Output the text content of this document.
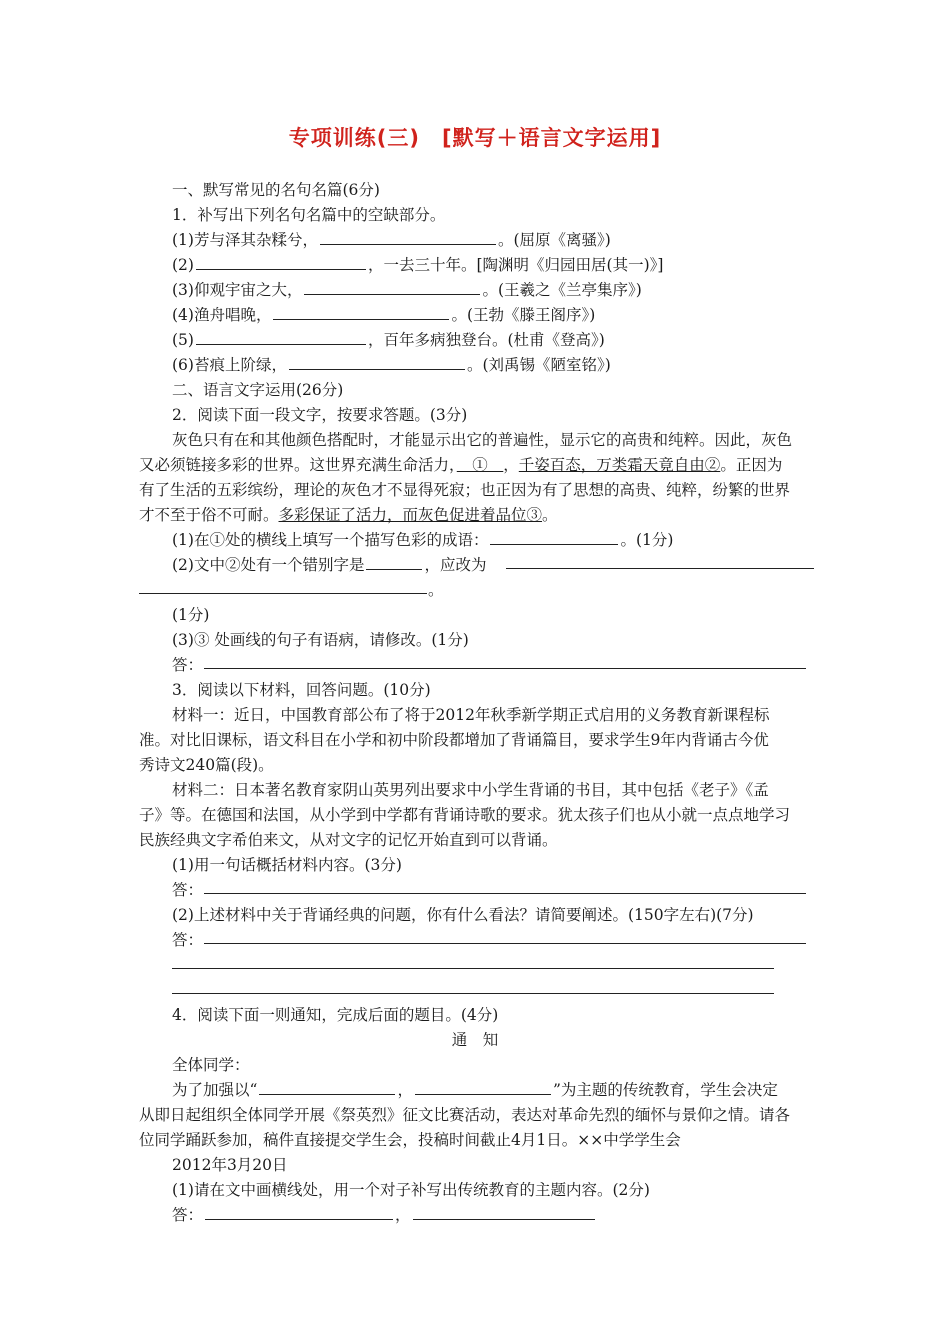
专项训练(三)　[默写＋语言文字运用]
一、默写常见的名句名篇(6分)
1．补写出下列名句名篇中的空缺部分。
(1)芳与泽其杂糅兮，	。(屈原《离骚》)
(2)	，一去三十年。[陶渊明《归园田居(其一)》]
(3)仰观宇宙之大，	。(王羲之《兰亭集序》)
(4)渔舟唱晚，	。(王勃《滕王阁序》)
(5)	，百年多病独登台。(杜甫《登高》)
(6)苔痕上阶绿，	。(刘禹锡《陋室铭》)
二、语言文字运用(26分)
2．阅读下面一段文字，按要求答题。(3分)
灰色只有在和其他颜色搭配时，才能显示出它的普遍性，显示它的高贵和纯粹。因此，灰色
又必须链接多彩的世界。这世界充满生命活力，　①　，千姿百态，万类霜天竟自由②。正因为
有了生活的五彩缤纷，理论的灰色才不显得死寂；也正因为有了思想的高贵、纯粹，纷繁的世界
才不至于俗不可耐。多彩保证了活力，而灰色促进着品位③。
(1)在①处的横线上填写一个描写色彩的成语：	。(1分)
(2)文中②处有一个错别字是	，应改为
。
(1分)
(3)③ 处画线的句子有语病，请修改。(1分)
答：
3．阅读以下材料，回答问题。(10分)
材料一：近日，中国教育部公布了将于2012年秋季新学期正式启用的义务教育新课程标
准。对比旧课标，语文科目在小学和初中阶段都增加了背诵篇目，要求学生9年内背诵古今优
秀诗文240篇(段)。
材料二：日本著名教育家阴山英男列出要求中小学生背诵的书目，其中包括《老子》《孟
子》等。在德国和法国，从小学到中学都有背诵诗歌的要求。犹太孩子们也从小就一点点地学习
民族经典文字希伯来文，从对文字的记忆开始直到可以背诵。
(1)用一句话概括材料内容。(3分)
答：
(2)上述材料中关于背诵经典的问题，你有什么看法？请简要阐述。(150字左右)(7分)
答：
4．阅读下面一则通知，完成后面的题目。(4分)
通　知
全体同学：
为了加强以“	，	”为主题的传统教育，学生会决定
从即日起组织全体同学开展《祭英烈》征文比赛活动，表达对革命先烈的缅怀与景仰之情。请各
位同学踊跃参加，稿件直接提交学生会，投稿时间截止4月1日。××中学学生会
2012年3月20日
(1)请在文中画横线处，用一个对子补写出传统教育的主题内容。(2分)
答：	，
